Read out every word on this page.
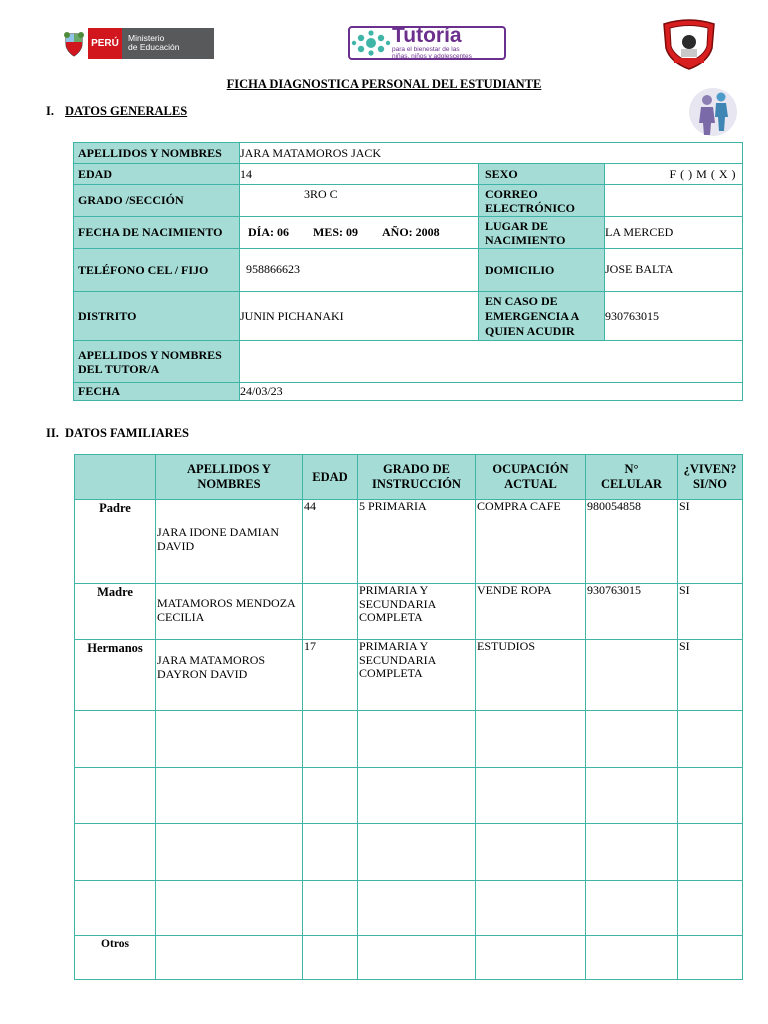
PERÚ	Ministerio
de Educación	Tutoría
para el bienestar de las
niñas, niños y adolescentes
FICHA DIAGNOSTICA PERSONAL DEL ESTUDIANTE
I. DATOS GENERALES
APELLIDOS Y NOMBRES	JARA MATAMOROS JACK		
EDAD	14	SEXO	F ( ) M ( X )
GRADO /SECCIÓN	3RO C	CORREO ELECTRÓNICO	
FECHA DE NACIMIENTO	DÍA: 06 MES: 09 AÑO: 2008	LUGAR DE NACIMIENTO	LA MERCED
TELÉFONO CEL / FIJO	958866623	DOMICILIO	JOSE BALTA
DISTRITO	JUNIN PICHANAKI	EN CASO DE EMERGENCIA A QUIEN ACUDIR	930763015
APELLIDOS Y NOMBRES DEL TUTOR/A			
FECHA	24/03/23		
II. DATOS FAMILIARES
	APELLIDOS Y NOMBRES	EDAD	GRADO DE INSTRUCCIÓN	OCUPACIÓN ACTUAL	N° CELULAR	¿VIVEN? SI/NO
Padre	JARA IDONE DAMIAN DAVID	44	5 PRIMARIA	COMPRA CAFE	980054858	SI
Madre	MATAMOROS MENDOZA CECILIA		PRIMARIA Y SECUNDARIA COMPLETA	VENDE ROPA	930763015	SI
Hermanos	JARA MATAMOROS DAYRON DAVID	17	PRIMARIA Y SECUNDARIA COMPLETA	ESTUDIOS		SI

Otros						
